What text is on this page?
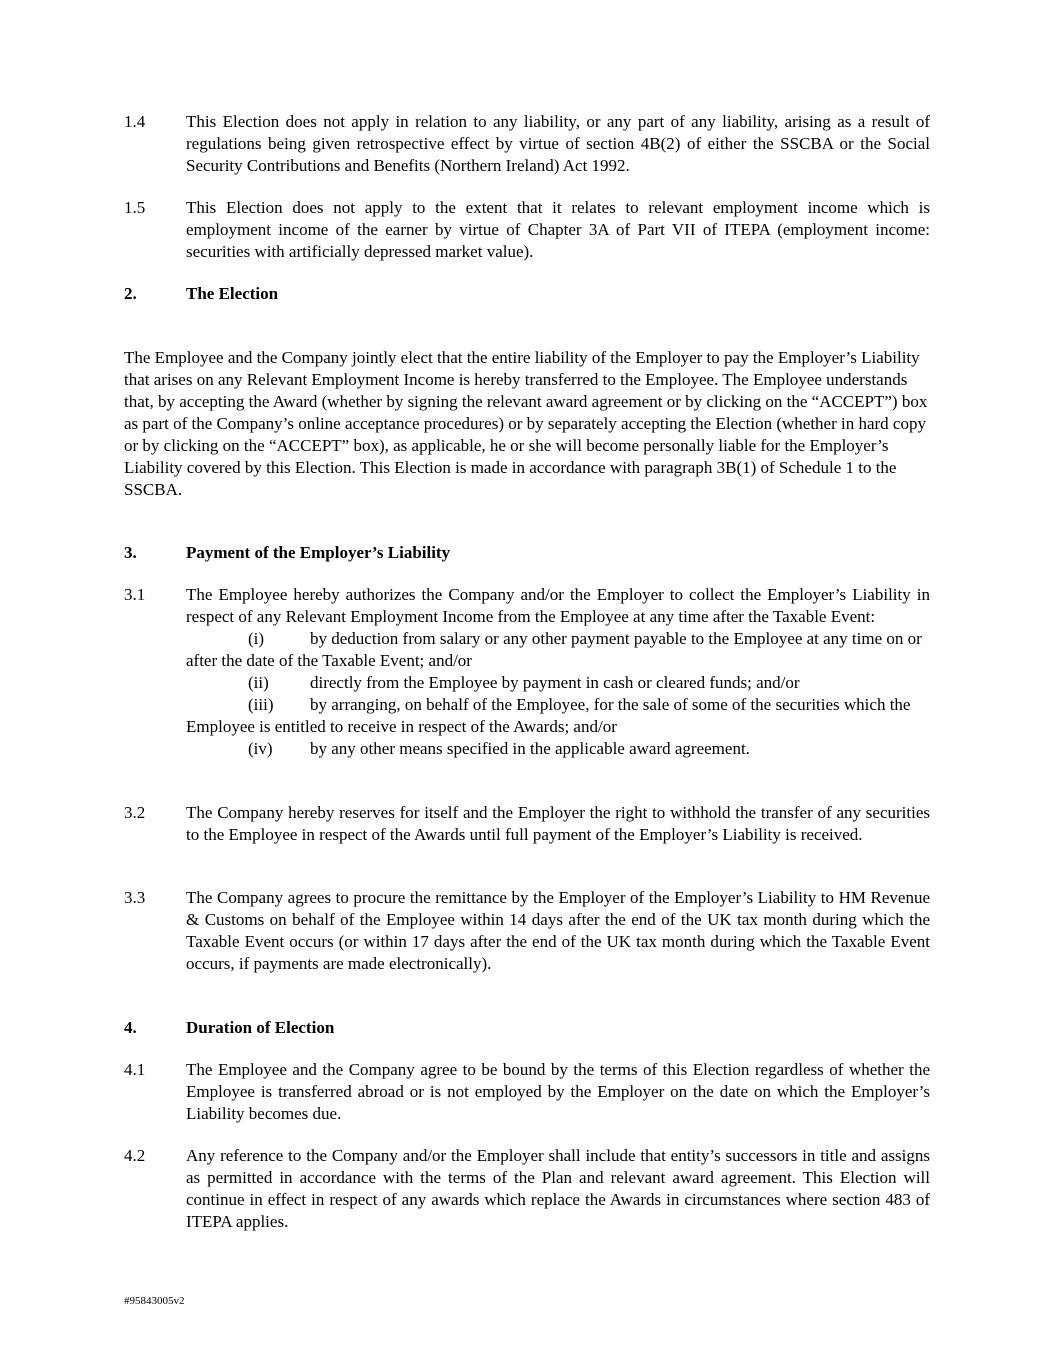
1.4 This Election does not apply in relation to any liability, or any part of any liability, arising as a result of regulations being given retrospective effect by virtue of section 4B(2) of either the SSCBA or the Social Security Contributions and Benefits (Northern Ireland) Act 1992.
1.5 This Election does not apply to the extent that it relates to relevant employment income which is employment income of the earner by virtue of Chapter 3A of Part VII of ITEPA (employment income: securities with artificially depressed market value).
2.	The Election
The Employee and the Company jointly elect that the entire liability of the Employer to pay the Employer’s Liability that arises on any Relevant Employment Income is hereby transferred to the Employee. The Employee understands that, by accepting the Award (whether by signing the relevant award agreement or by clicking on the “ACCEPT”) box as part of the Company’s online acceptance procedures) or by separately accepting the Election (whether in hard copy or by clicking on the “ACCEPT” box), as applicable, he or she will become personally liable for the Employer’s Liability covered by this Election. This Election is made in accordance with paragraph 3B(1) of Schedule 1 to the SSCBA.
3.	Payment of the Employer’s Liability
3.1 The Employee hereby authorizes the Company and/or the Employer to collect the Employer’s Liability in respect of any Relevant Employment Income from the Employee at any time after the Taxable Event:
(i)	by deduction from salary or any other payment payable to the Employee at any time on or after the date of the Taxable Event; and/or
(ii)	directly from the Employee by payment in cash or cleared funds; and/or
(iii)	by arranging, on behalf of the Employee, for the sale of some of the securities which the Employee is entitled to receive in respect of the Awards; and/or
(iv)	by any other means specified in the applicable award agreement.
3.2 The Company hereby reserves for itself and the Employer the right to withhold the transfer of any securities to the Employee in respect of the Awards until full payment of the Employer’s Liability is received.
3.3 The Company agrees to procure the remittance by the Employer of the Employer’s Liability to HM Revenue & Customs on behalf of the Employee within 14 days after the end of the UK tax month during which the Taxable Event occurs (or within 17 days after the end of the UK tax month during which the Taxable Event occurs, if payments are made electronically).
4.	Duration of Election
4.1 The Employee and the Company agree to be bound by the terms of this Election regardless of whether the Employee is transferred abroad or is not employed by the Employer on the date on which the Employer’s Liability becomes due.
4.2 Any reference to the Company and/or the Employer shall include that entity’s successors in title and assigns as permitted in accordance with the terms of the Plan and relevant award agreement. This Election will continue in effect in respect of any awards which replace the Awards in circumstances where section 483 of ITEPA applies.
#95843005v2
